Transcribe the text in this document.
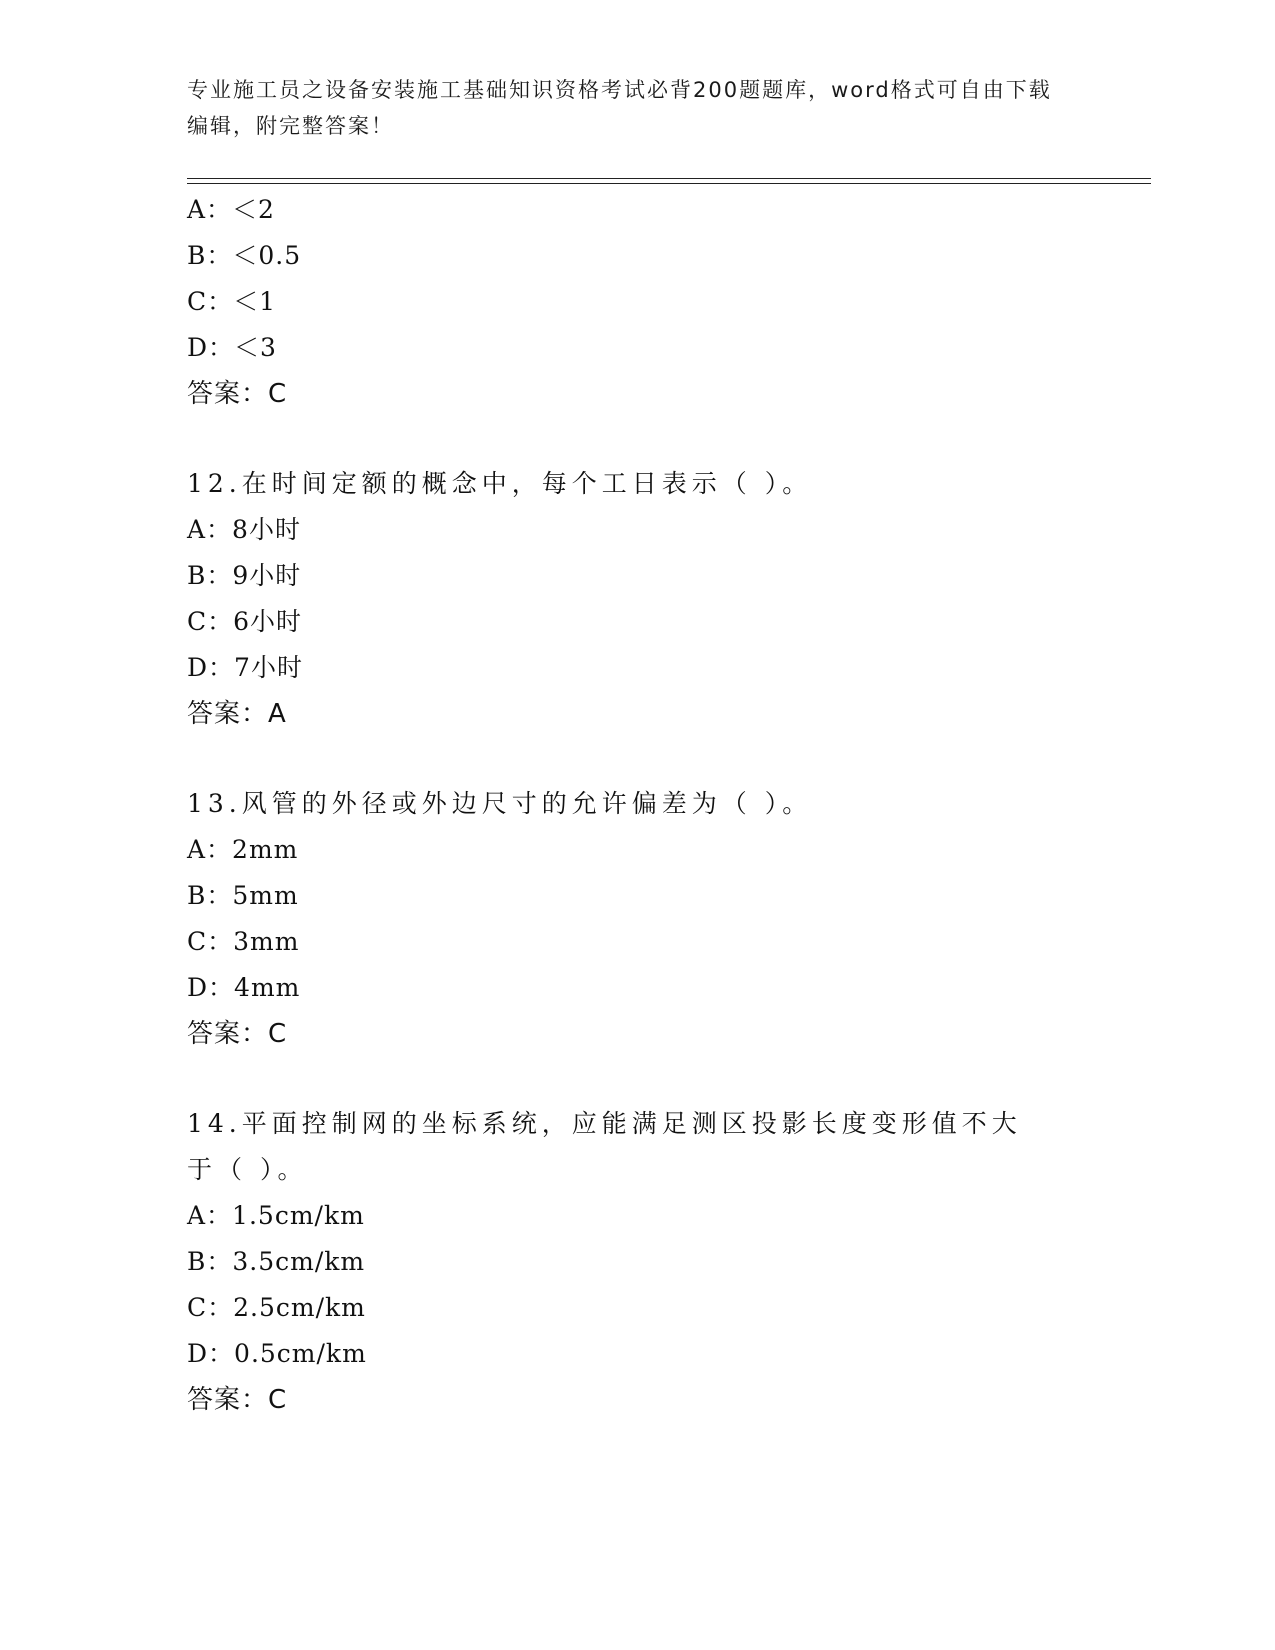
专业施工员之设备安装施工基础知识资格考试必背200题题库，word格式可自由下载编辑，附完整答案！
A：＜2
B：＜0.5
C：＜1
D：＜3
答案：C
12.在时间定额的概念中，每个工日表示（ ）。
A：8小时
B：9小时
C：6小时
D：7小时
答案：A
13.风管的外径或外边尺寸的允许偏差为（ ）。
A：2mm
B：5mm
C：3mm
D：4mm
答案：C
14.平面控制网的坐标系统，应能满足测区投影长度变形值不大于（ ）。
A：1.5cm/km
B：3.5cm/km
C：2.5cm/km
D：0.5cm/km
答案：C
